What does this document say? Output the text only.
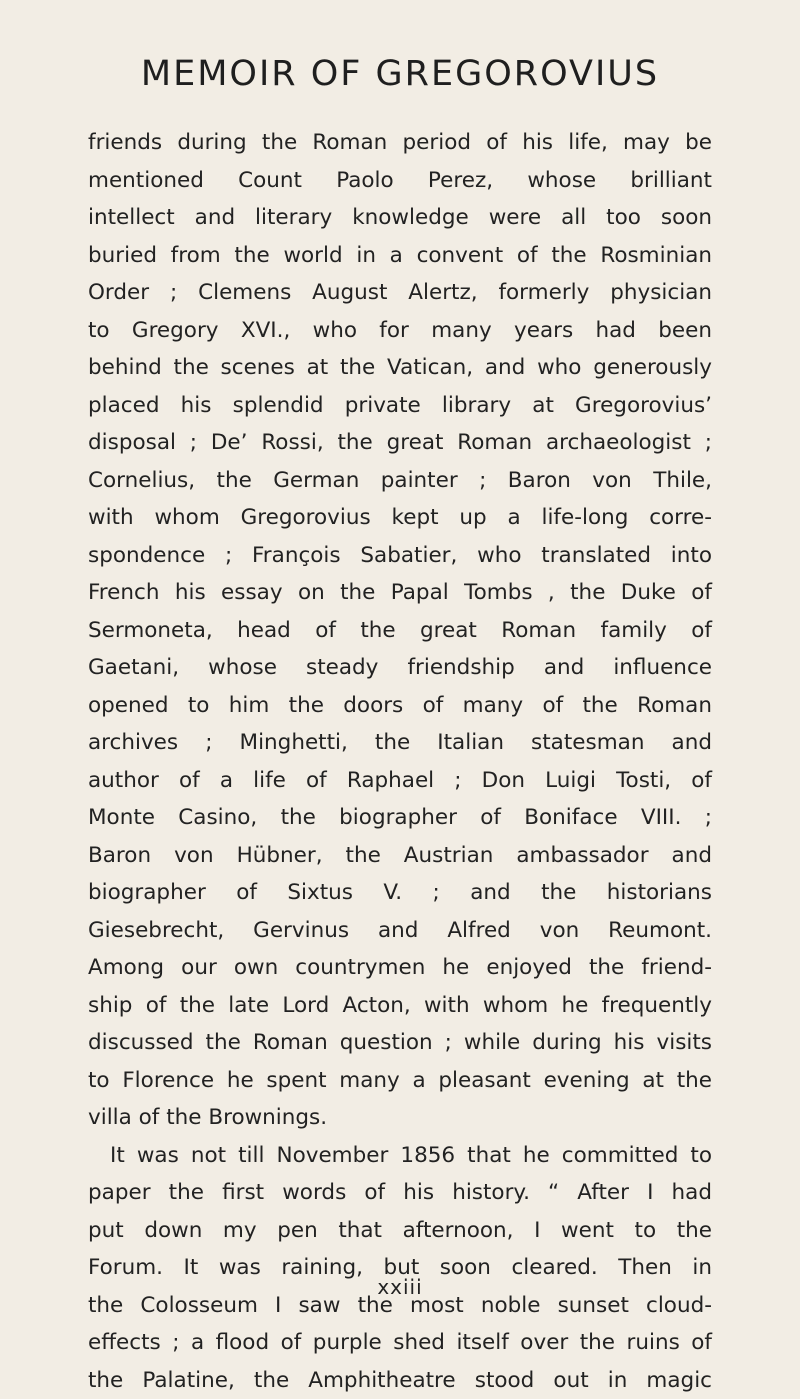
MEMOIR OF GREGOROVIUS
friends during the Roman period of his life, may be
mentioned Count Paolo Perez, whose brilliant
intellect and literary knowledge were all too soon
buried from the world in a convent of the Rosminian
Order ; Clemens August Alertz, formerly physician
to Gregory XVI., who for many years had been
behind the scenes at the Vatican, and who generously
placed his splendid private library at Gregorovius’
disposal ; De’ Rossi, the great Roman archaeologist ;
Cornelius, the German painter ; Baron von Thile,
with whom Gregorovius kept up a life-long corre-
spondence ; François Sabatier, who translated into
French his essay on the Papal Tombs , the Duke of
Sermoneta, head of the great Roman family of
Gaetani, whose steady friendship and influence
opened to him the doors of many of the Roman
archives ; Minghetti, the Italian statesman and
author of a life of Raphael ; Don Luigi Tosti, of
Monte Casino, the biographer of Boniface VIII. ;
Baron von Hübner, the Austrian ambassador and
biographer of Sixtus V. ; and the historians
Giesebrecht, Gervinus and Alfred von Reumont.
Among our own countrymen he enjoyed the friend-
ship of the late Lord Acton, with whom he frequently
discussed the Roman question ; while during his visits
to Florence he spent many a pleasant evening at the
villa of the Brownings.
It was not till November 1856 that he committed to
paper the first words of his history. “ After I had
put down my pen that afternoon, I went to the
Forum. It was raining, but soon cleared. Then in
the Colosseum I saw the most noble sunset cloud-
effects ; a flood of purple shed itself over the ruins of
the Palatine, the Amphitheatre stood out in magic
xxiii
